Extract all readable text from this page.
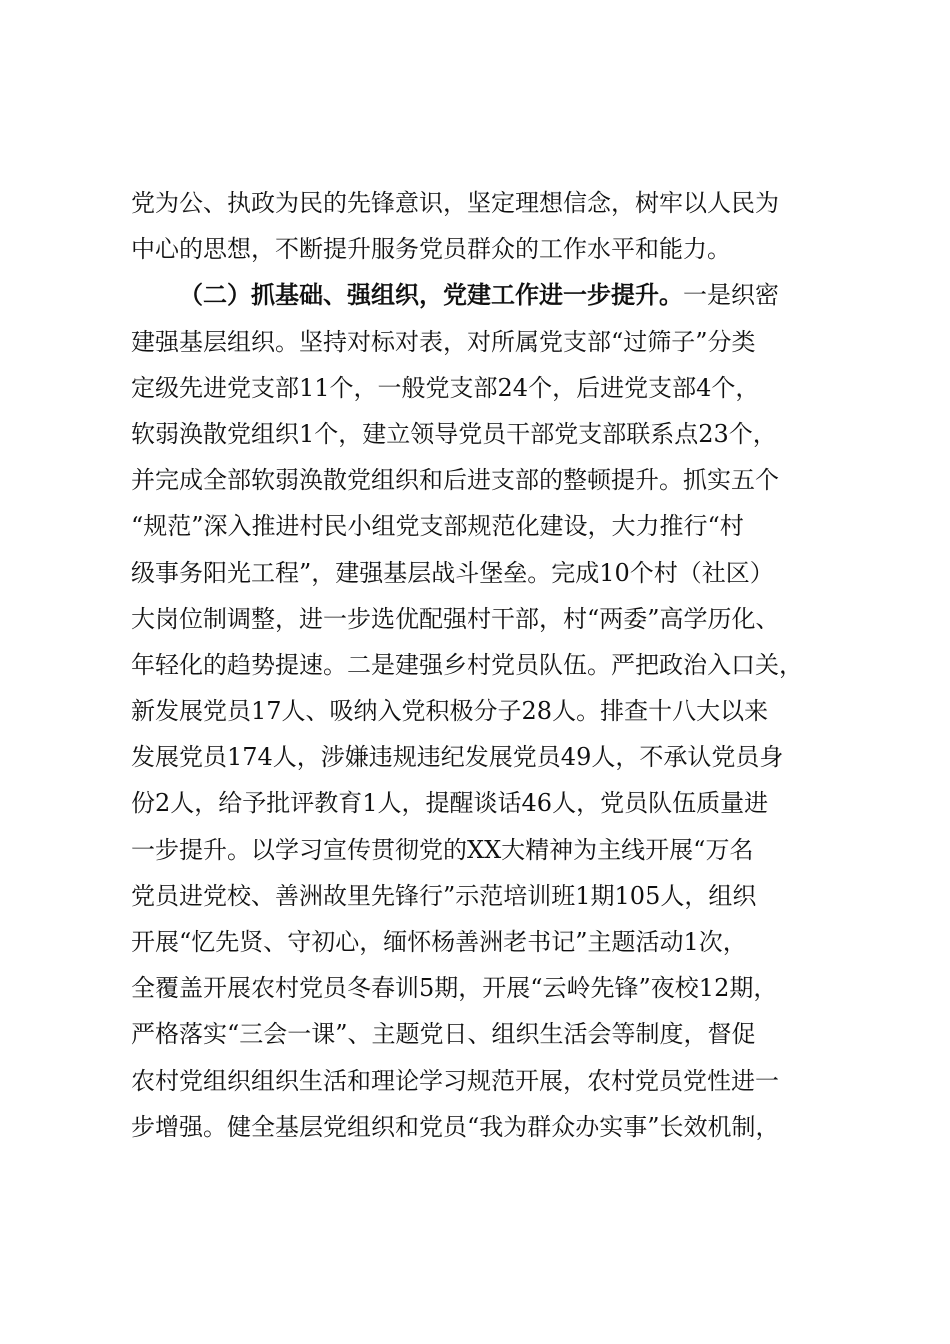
党为公、执政为民的先锋意识，坚定理想信念，树牢以人民为
中心的思想，不断提升服务党员群众的工作水平和能力。
（二）抓基础、强组织，党建工作进一步提升。一是织密
建强基层组织。坚持对标对表，对所属党支部“过筛子”分类
定级先进党支部11个，一般党支部24个，后进党支部4个，
软弱涣散党组织1个，建立领导党员干部党支部联系点23个，
并完成全部软弱涣散党组织和后进支部的整顿提升。抓实五个
“规范”深入推进村民小组党支部规范化建设，大力推行“村
级事务阳光工程”，建强基层战斗堡垒。完成10个村（社区）
大岗位制调整，进一步选优配强村干部，村“两委”高学历化、
年轻化的趋势提速。二是建强乡村党员队伍。严把政治入口关，
新发展党员17人、吸纳入党积极分子28人。排查十八大以来
发展党员174人，涉嫌违规违纪发展党员49人，不承认党员身
份2人，给予批评教育1人，提醒谈话46人，党员队伍质量进
一步提升。以学习宣传贯彻党的XX大精神为主线开展“万名
党员进党校、善洲故里先锋行”示范培训班1期105人，组织
开展“忆先贤、守初心，缅怀杨善洲老书记”主题活动1次，
全覆盖开展农村党员冬春训5期，开展“云岭先锋”夜校12期，
严格落实“三会一课”、主题党日、组织生活会等制度，督促
农村党组织组织生活和理论学习规范开展，农村党员党性进一
步增强。健全基层党组织和党员“我为群众办实事”长效机制，
